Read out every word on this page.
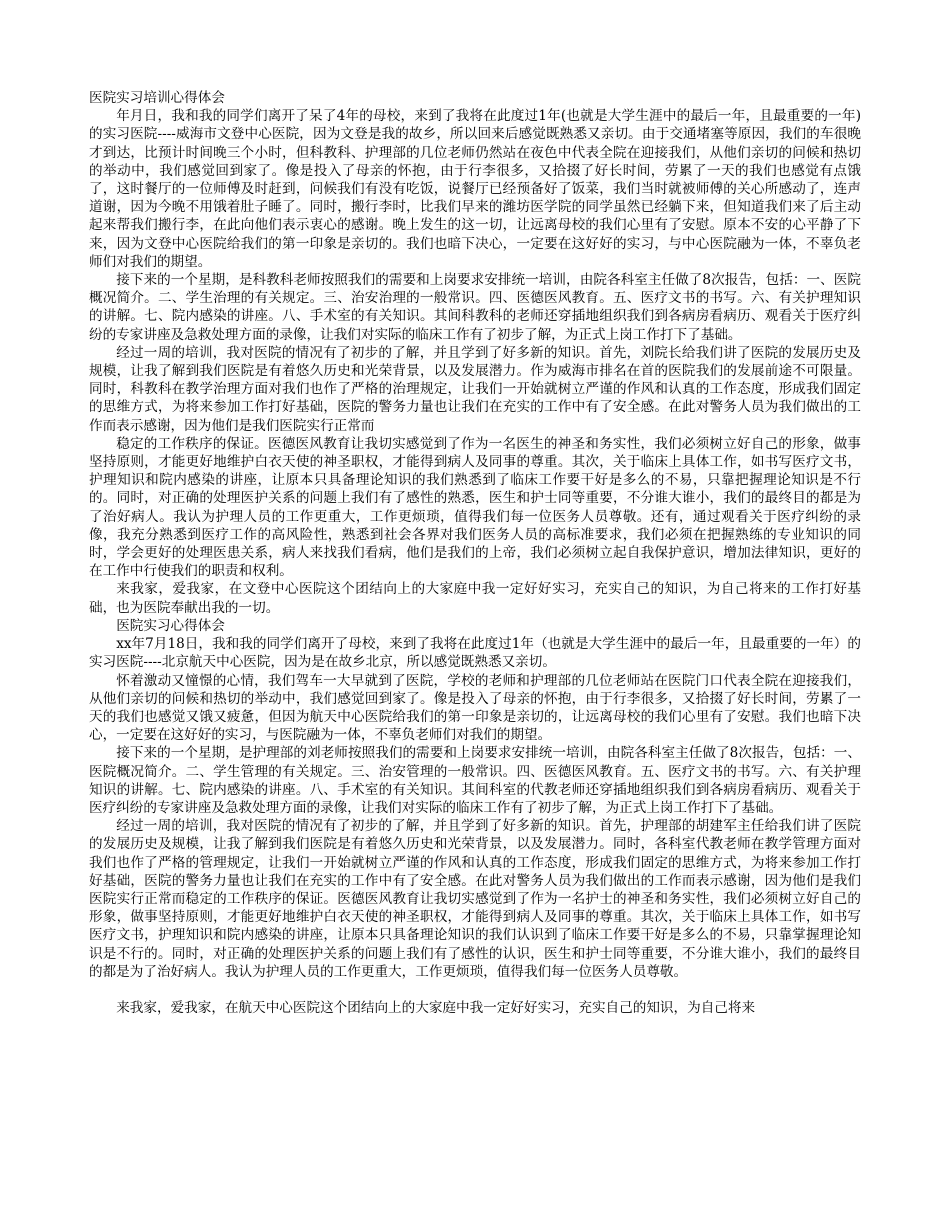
医院实习培训心得体会

年月日，我和我的同学们离开了呆了4年的母校，来到了我将在此度过1年(也就是大学生涯中的最后一年，且最重要的一年)的实习医院----威海市文登中心医院，因为文登是我的故乡，所以回来后感觉既熟悉又亲切。由于交通堵塞等原因，我们的车很晚才到达，比预计时间晚三个小时，但科教科、护理部的几位老师仍然站在夜色中代表全院在迎接我们，从他们亲切的问候和热切的举动中，我们感觉回到家了。像是投入了母亲的怀抱，由于行李很多，又拾掇了好长时间，劳累了一天的我们也感觉有点饿了，这时餐厅的一位师傅及时赶到，问候我们有没有吃饭，说餐厅已经预备好了饭菜，我们当时就被师傅的关心所感动了，连声道谢，因为今晚不用饿着肚子睡了。同时，搬行李时，比我们早来的潍坊医学院的同学虽然已经躺下来，但知道我们来了后主动起来帮我们搬行李，在此向他们表示衷心的感谢。晚上发生的这一切，让远离母校的我们心里有了安慰。原本不安的心平静了下来，因为文登中心医院给我们的第一印象是亲切的。我们也暗下决心，一定要在这好好的实习，与中心医院融为一体，不辜负老师们对我们的期望。

接下来的一个星期，是科教科老师按照我们的需要和上岗要求安排统一培训，由院各科室主任做了8次报告，包括：一、医院概况简介。二、学生治理的有关规定。三、治安治理的一般常识。四、医德医风教育。五、医疗文书的书写。六、有关护理知识的讲解。七、院内感染的讲座。八、手术室的有关知识。其间科教科的老师还穿插地组织我们到各病房看病历、观看关于医疗纠纷的专家讲座及急救处理方面的录像，让我们对实际的临床工作有了初步了解，为正式上岗工作打下了基础。

经过一周的培训，我对医院的情况有了初步的了解，并且学到了好多新的知识。首先，刘院长给我们讲了医院的发展历史及规模，让我了解到我们医院是有着悠久历史和光荣背景，以及发展潜力。作为威海市排名在首的医院我们的发展前途不可限量。同时，科教科在教学治理方面对我们也作了严格的治理规定，让我们一开始就树立严谨的作风和认真的工作态度，形成我们固定的思维方式，为将来参加工作打好基础，医院的警务力量也让我们在充实的工作中有了安全感。在此对警务人员为我们做出的工作而表示感谢，因为他们是我们医院实行正常而

稳定的工作秩序的保证。医德医风教育让我切实感觉到了作为一名医生的神圣和务实性，我们必须树立好自己的形象，做事坚持原则，才能更好地维护白衣天使的神圣职权，才能得到病人及同事的尊重。其次，关于临床上具体工作，如书写医疗文书，护理知识和院内感染的讲座，让原本只具备理论知识的我们熟悉到了临床工作要干好是多么的不易，只靠把握理论知识是不行的。同时，对正确的处理医护关系的问题上我们有了感性的熟悉，医生和护士同等重要，不分谁大谁小，我们的最终目的都是为了治好病人。我认为护理人员的工作更重大，工作更烦琐，值得我们每一位医务人员尊敬。还有，通过观看关于医疗纠纷的录像，我充分熟悉到医疗工作的高风险性，熟悉到社会各界对我们医务人员的高标准要求，我们必须在把握熟练的专业知识的同时，学会更好的处理医患关系，病人来找我们看病，他们是我们的上帝，我们必须树立起自我保护意识，增加法律知识，更好的在工作中行使我们的职责和权利。

来我家，爱我家，在文登中心医院这个团结向上的大家庭中我一定好好实习，充实自己的知识，为自己将来的工作打好基础，也为医院奉献出我的一切。

医院实习心得体会

xx年7月18日，我和我的同学们离开了母校，来到了我将在此度过1年（也就是大学生涯中的最后一年，且最重要的一年）的实习医院----北京航天中心医院，因为是在故乡北京，所以感觉既熟悉又亲切。

怀着激动又憧憬的心情，我们驾车一大早就到了医院，学校的老师和护理部的几位老师站在医院门口代表全院在迎接我们，从他们亲切的问候和热切的举动中，我们感觉回到家了。像是投入了母亲的怀抱，由于行李很多，又拾掇了好长时间，劳累了一天的我们也感觉又饿又疲惫，但因为航天中心医院给我们的第一印象是亲切的，让远离母校的我们心里有了安慰。我们也暗下决心，一定要在这好好的实习，与医院融为一体，不辜负老师们对我们的期望。

接下来的一个星期，是护理部的刘老师按照我们的需要和上岗要求安排统一培训，由院各科室主任做了8次报告，包括：一、医院概况简介。二、学生管理的有关规定。三、治安管理的一般常识。四、医德医风教育。五、医疗文书的书写。六、有关护理知识的讲解。七、院内感染的讲座。八、手术室的有关知识。其间科室的代教老师还穿插地组织我们到各病房看病历、观看关于医疗纠纷的专家讲座及急救处理方面的录像，让我们对实际的临床工作有了初步了解，为正式上岗工作打下了基础。

经过一周的培训，我对医院的情况有了初步的了解，并且学到了好多新的知识。首先，护理部的胡建军主任给我们讲了医院的发展历史及规模，让我了解到我们医院是有着悠久历史和光荣背景，以及发展潜力。同时，各科室代教老师在教学管理方面对我们也作了严格的管理规定，让我们一开始就树立严谨的作风和认真的工作态度，形成我们固定的思维方式，为将来参加工作打好基础，医院的警务力量也让我们在充实的工作中有了安全感。在此对警务人员为我们做出的工作而表示感谢，因为他们是我们医院实行正常而稳定的工作秩序的保证。医德医风教育让我切实感觉到了作为一名护士的神圣和务实性，我们必须树立好自己的形象，做事坚持原则，才能更好地维护白衣天使的神圣职权，才能得到病人及同事的尊重。其次，关于临床上具体工作，如书写医疗文书，护理知识和院内感染的讲座，让原本只具备理论知识的我们认识到了临床工作要干好是多么的不易，只靠掌握理论知识是不行的。同时，对正确的处理医护关系的问题上我们有了感性的认识，医生和护士同等重要，不分谁大谁小，我们的最终目的都是为了治好病人。我认为护理人员的工作更重大，工作更烦琐，值得我们每一位医务人员尊敬。

来我家，爱我家，在航天中心医院这个团结向上的大家庭中我一定好好实习，充实自己的知识，为自己将来
